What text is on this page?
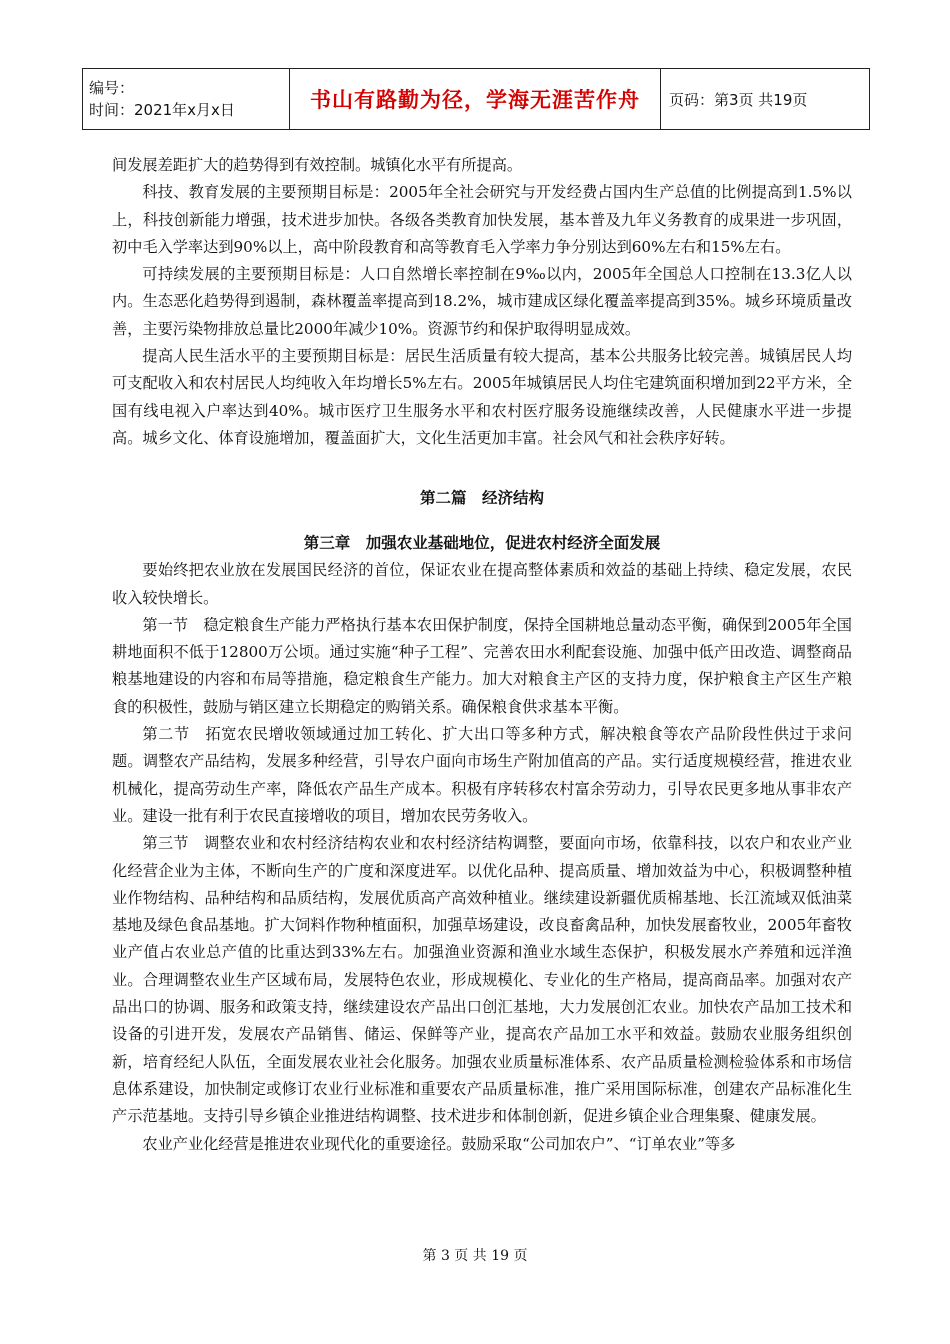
编号：
时间：2021年x月x日	书山有路勤为径，学海无涯苦作舟	页码：第3页 共19页

间发展差距扩大的趋势得到有效控制。城镇化水平有所提高。

科技、教育发展的主要预期目标是：2005年全社会研究与开发经费占国内生产总值的比例提高到1.5%以上，科技创新能力增强，技术进步加快。各级各类教育加快发展，基本普及九年义务教育的成果进一步巩固，初中毛入学率达到90%以上，高中阶段教育和高等教育毛入学率力争分别达到60%左右和15%左右。

可持续发展的主要预期目标是：人口自然增长率控制在9‰以内，2005年全国总人口控制在13.3亿人以内。生态恶化趋势得到遏制，森林覆盖率提高到18.2%，城市建成区绿化覆盖率提高到35%。城乡环境质量改善，主要污染物排放总量比2000年减少10%。资源节约和保护取得明显成效。

提高人民生活水平的主要预期目标是：居民生活质量有较大提高，基本公共服务比较完善。城镇居民人均可支配收入和农村居民人均纯收入年均增长5%左右。2005年城镇居民人均住宅建筑面积增加到22平方米，全国有线电视入户率达到40%。城市医疗卫生服务水平和农村医疗服务设施继续改善，人民健康水平进一步提高。城乡文化、体育设施增加，覆盖面扩大，文化生活更加丰富。社会风气和社会秩序好转。

第二篇　经济结构
第三章　加强农业基础地位，促进农村经济全面发展

要始终把农业放在发展国民经济的首位，保证农业在提高整体素质和效益的基础上持续、稳定发展，农民收入较快增长。

第一节　稳定粮食生产能力严格执行基本农田保护制度，保持全国耕地总量动态平衡，确保到2005年全国耕地面积不低于12800万公顷。通过实施“种子工程”、完善农田水利配套设施、加强中低产田改造、调整商品粮基地建设的内容和布局等措施，稳定粮食生产能力。加大对粮食主产区的支持力度，保护粮食主产区生产粮食的积极性，鼓励与销区建立长期稳定的购销关系。确保粮食供求基本平衡。

第二节　拓宽农民增收领域通过加工转化、扩大出口等多种方式，解决粮食等农产品阶段性供过于求问题。调整农产品结构，发展多种经营，引导农户面向市场生产附加值高的产品。实行适度规模经营，推进农业机械化，提高劳动生产率，降低农产品生产成本。积极有序转移农村富余劳动力，引导农民更多地从事非农产业。建设一批有利于农民直接增收的项目，增加农民劳务收入。

第三节　调整农业和农村经济结构农业和农村经济结构调整，要面向市场，依靠科技，以农户和农业产业化经营企业为主体，不断向生产的广度和深度进军。以优化品种、提高质量、增加效益为中心，积极调整种植业作物结构、品种结构和品质结构，发展优质高产高效种植业。继续建设新疆优质棉基地、长江流域双低油菜基地及绿色食品基地。扩大饲料作物种植面积，加强草场建设，改良畜禽品种，加快发展畜牧业，2005年畜牧业产值占农业总产值的比重达到33%左右。加强渔业资源和渔业水域生态保护，积极发展水产养殖和远洋渔业。合理调整农业生产区域布局，发展特色农业，形成规模化、专业化的生产格局，提高商品率。加强对农产品出口的协调、服务和政策支持，继续建设农产品出口创汇基地，大力发展创汇农业。加快农产品加工技术和设备的引进开发，发展农产品销售、储运、保鲜等产业，提高农产品加工水平和效益。鼓励农业服务组织创新，培育经纪人队伍，全面发展农业社会化服务。加强农业质量标准体系、农产品质量检测检验体系和市场信息体系建设，加快制定或修订农业行业标准和重要农产品质量标准，推广采用国际标准，创建农产品标准化生产示范基地。支持引导乡镇企业推进结构调整、技术进步和体制创新，促进乡镇企业合理集聚、健康发展。

农业产业化经营是推进农业现代化的重要途径。鼓励采取“公司加农户”、“订单农业”等多

第 3 页 共 19 页
